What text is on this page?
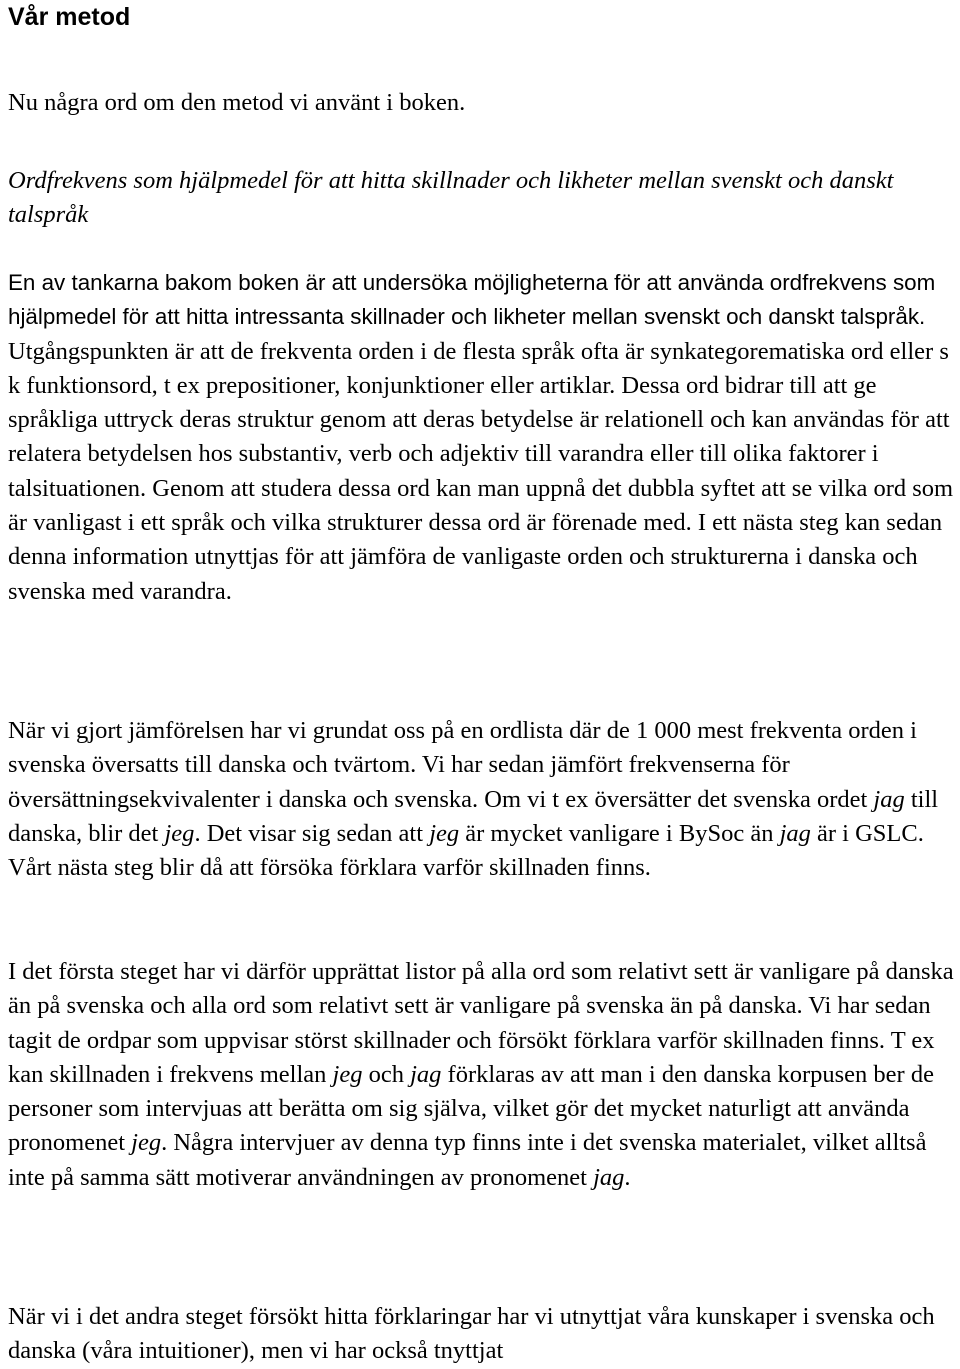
Vår metod

Nu några ord om den metod vi använt i boken.

Ordfrekvens som hjälpmedel för att hitta skillnader och likheter mellan svenskt och danskt talspråk

En av tankarna bakom boken är att undersöka möjligheterna för att använda ordfrekvens som hjälpmedel för att hitta intressanta skillnader och likheter mellan svenskt och danskt talspråk. Utgångspunkten är att de frekventa orden i de flesta språk ofta är synkategorematiska ord eller s k funktionsord, t ex prepositioner, konjunktioner eller artiklar. Dessa ord bidrar till att ge språkliga uttryck deras struktur genom att deras betydelse är relationell och kan användas för att relatera betydelsen hos substantiv, verb och adjektiv till varandra eller till olika faktorer i talsituationen. Genom att studera dessa ord kan man uppnå det dubbla syftet att se vilka ord som är vanligast i ett språk och vilka strukturer dessa ord är förenade med. I ett nästa steg kan sedan denna information utnyttjas för att jämföra de vanligaste orden och strukturerna i danska och svenska med varandra.

När vi gjort jämförelsen har vi grundat oss på en ordlista där de 1 000 mest frekventa orden i svenska översatts till danska och tvärtom. Vi har sedan jämfört frekvenserna för översättningsekvivalenter i danska och svenska. Om vi t ex översätter det svenska ordet jag till danska, blir det jeg. Det visar sig sedan att jeg är mycket vanligare i BySoc än jag är i GSLC. Vårt nästa steg blir då att försöka förklara varför skillnaden finns.

I det första steget har vi därför upprättat listor på alla ord som relativt sett är vanligare på danska än på svenska och alla ord som relativt sett är vanligare på svenska än på danska. Vi har sedan tagit de ordpar som uppvisar störst skillnader och försökt förklara varför skillnaden finns. T ex kan skillnaden i frekvens mellan jeg och jag förklaras av att man i den danska korpusen ber de personer som intervjuas att berätta om sig själva, vilket gör det mycket naturligt att använda pronomenet jeg. Några intervjuer av denna typ finns inte i det svenska materialet, vilket alltså inte på samma sätt motiverar användningen av pronomenet jag.

När vi i det andra steget försökt hitta förklaringar har vi utnyttjat våra kunskaper i svenska och danska (våra intuitioner), men vi har också tnyttjat
